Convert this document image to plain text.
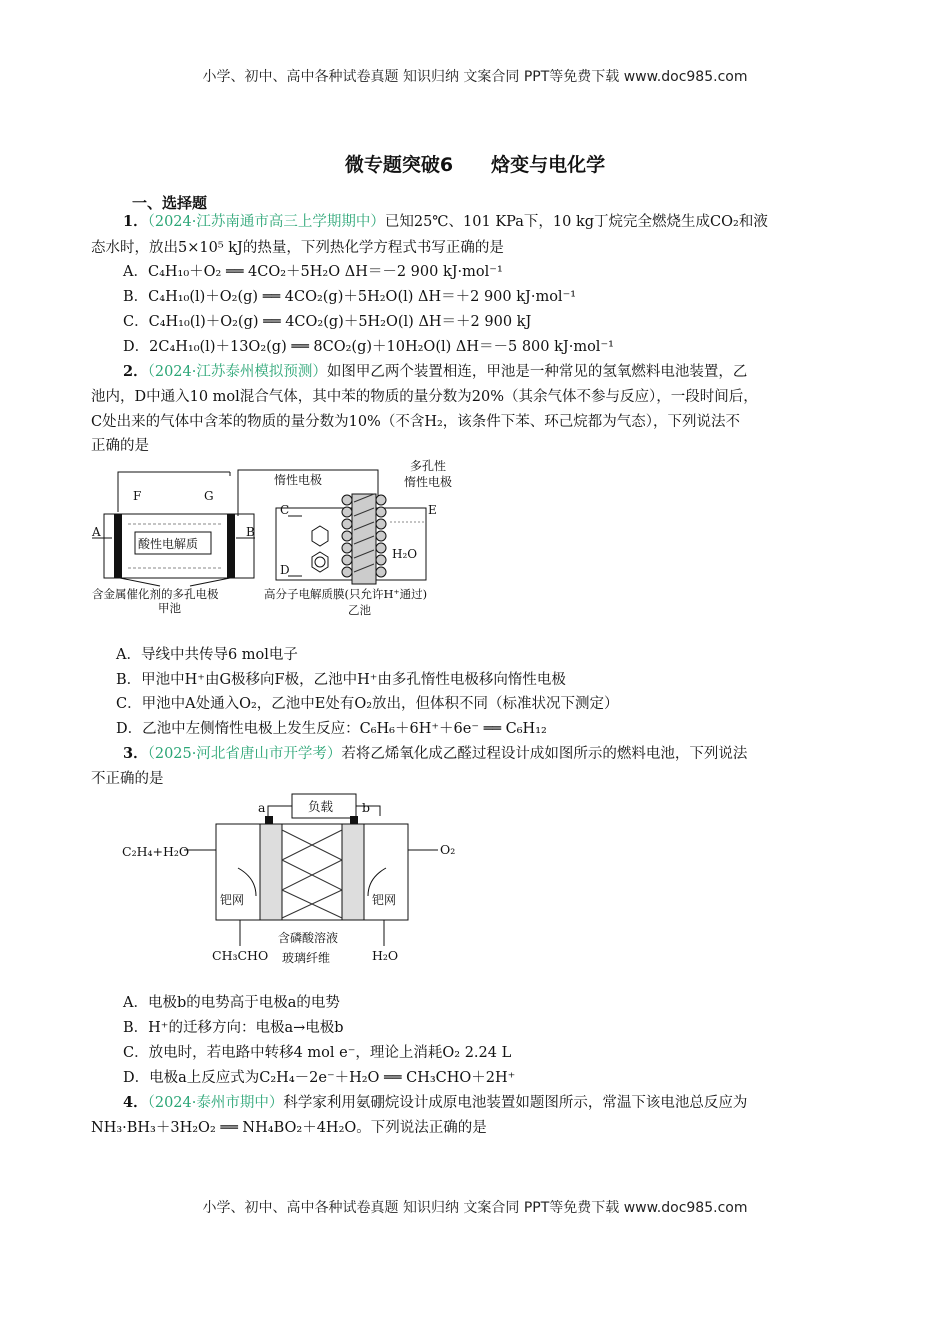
小学、初中、高中各种试卷真题 知识归纳 文案合同 PPT等免费下载 www.doc985.com
微专题突破6　　焓变与电化学
一、选择题
1．（2024·江苏南通市高三上学期期中）已知25℃、101 KPa下，10 kg丁烷完全燃烧生成CO₂和液
态水时，放出5×10⁵ kJ的热量，下列热化学方程式书写正确的是
A．C₄H₁₀＋O₂ ══ 4CO₂＋5H₂O ΔH＝－2 900 kJ·mol⁻¹
B．C₄H₁₀(l)＋O₂(g) ══ 4CO₂(g)＋5H₂O(l) ΔH＝＋2 900 kJ·mol⁻¹
C．C₄H₁₀(l)＋O₂(g) ══ 4CO₂(g)＋5H₂O(l) ΔH＝＋2 900 kJ
D．2C₄H₁₀(l)＋13O₂(g) ══ 8CO₂(g)＋10H₂O(l) ΔH＝－5 800 kJ·mol⁻¹
2．（2024·江苏泰州模拟预测）如图甲乙两个装置相连，甲池是一种常见的氢氧燃料电池装置，乙
池内，D中通入10 mol混合气体，其中苯的物质的量分数为20%（其余气体不参与反应），一段时间后，
C处出来的气体中含苯的物质的量分数为10%（不含H₂，该条件下苯、环己烷都为气态），下列说法不
正确的是
F	G
酸性电解质
A	B
含金属催化剂的多孔电极
甲池
惰性电极
多孔性
惰性电极
H₂O
C
D
E
高分子电解质膜(只允许H⁺通过)
乙池
A．导线中共传导6 mol电子
B．甲池中H⁺由G极移向F极，乙池中H⁺由多孔惰性电极移向惰性电极
C．甲池中A处通入O₂，乙池中E处有O₂放出，但体积不同（标准状况下测定）
D．乙池中左侧惰性电极上发生反应：C₆H₆＋6H⁺＋6e⁻ ══ C₆H₁₂
3．（2025·河北省唐山市开学考）若将乙烯氧化成乙醛过程设计成如图所示的燃料电池，下列说法
不正确的是
负载
a	b
C₂H₄+H₂O	O₂
钯网	钯网
CH₃CHO	H₂O
含磷酸溶液
玻璃纤维
A．电极b的电势高于电极a的电势
B．H⁺的迁移方向：电极a→电极b
C．放电时，若电路中转移4 mol e⁻，理论上消耗O₂ 2.24 L
D．电极a上反应式为C₂H₄－2e⁻＋H₂O ══ CH₃CHO＋2H⁺
4．（2024·泰州市期中）科学家利用氨硼烷设计成原电池装置如题图所示，常温下该电池总反应为
NH₃·BH₃＋3H₂O₂ ══ NH₄BO₂＋4H₂O。下列说法正确的是
小学、初中、高中各种试卷真题 知识归纳 文案合同 PPT等免费下载 www.doc985.com
